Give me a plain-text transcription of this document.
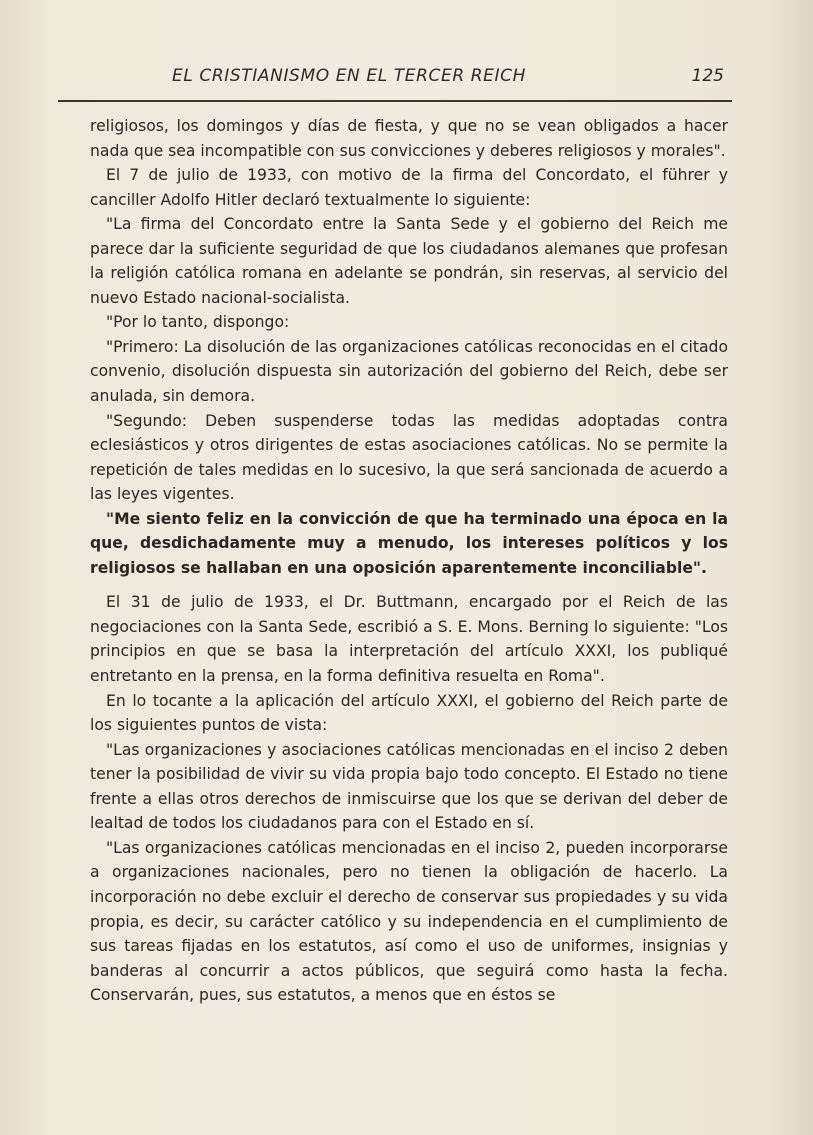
EL CRISTIANISMO EN EL TERCER REICH	125

religiosos, los domingos y días de fiesta, y que no se vean obligados a hacer nada que sea incompatible con sus convicciones y deberes religiosos y morales".

El 7 de julio de 1933, con motivo de la firma del Concordato, el führer y canciller Adolfo Hitler declaró textualmente lo siguiente:

"La firma del Concordato entre la Santa Sede y el gobierno del Reich me parece dar la suficiente seguridad de que los ciudadanos alemanes que profesan la religión católica romana en adelante se pondrán, sin reservas, al servicio del nuevo Estado nacional-socialista.

"Por lo tanto, dispongo:

"Primero: La disolución de las organizaciones católicas reconocidas en el citado convenio, disolución dispuesta sin autorización del gobierno del Reich, debe ser anulada, sin demora.

"Segundo: Deben suspenderse todas las medidas adoptadas contra eclesiásticos y otros dirigentes de estas asociaciones católicas. No se permite la repetición de tales medidas en lo sucesivo, la que será sancionada de acuerdo a las leyes vigentes.

"Me siento feliz en la convicción de que ha terminado una época en la que, desdichadamente muy a menudo, los intereses políticos y los religiosos se hallaban en una oposición aparentemente inconciliable".

El 31 de julio de 1933, el Dr. Buttmann, encargado por el Reich de las negociaciones con la Santa Sede, escribió a S. E. Mons. Berning lo siguiente: "Los principios en que se basa la interpretación del artículo XXXI, los publiqué entretanto en la prensa, en la forma definitiva resuelta en Roma".

En lo tocante a la aplicación del artículo XXXI, el gobierno del Reich parte de los siguientes puntos de vista:

"Las organizaciones y asociaciones católicas mencionadas en el inciso 2 deben tener la posibilidad de vivir su vida propia bajo todo concepto. El Estado no tiene frente a ellas otros derechos de inmiscuirse que los que se derivan del deber de lealtad de todos los ciudadanos para con el Estado en sí.

"Las organizaciones católicas mencionadas en el inciso 2, pueden incorporarse a organizaciones nacionales, pero no tienen la obligación de hacerlo. La incorporación no debe excluir el derecho de conservar sus propiedades y su vida propia, es decir, su carácter católico y su independencia en el cumplimiento de sus tareas fijadas en los estatutos, así como el uso de uniformes, insignias y banderas al concurrir a actos públicos, que seguirá como hasta la fecha. Conservarán, pues, sus estatutos, a menos que en éstos se
